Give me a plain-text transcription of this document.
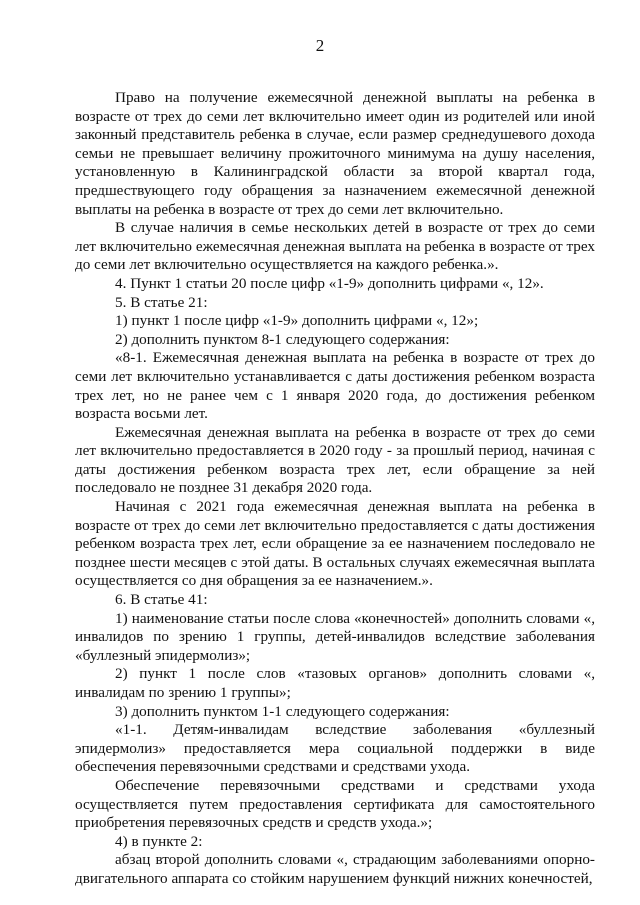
2

Право на получение ежемесячной денежной выплаты на ребенка в возрасте от трех до семи лет включительно имеет один из родителей или иной законный представитель ребенка в случае, если размер среднедушевого дохода семьи не превышает величину прожиточного минимума на душу населения, установленную в Калининградской области за второй квартал года, предшествующего году обращения за назначением ежемесячной денежной выплаты на ребенка в возрасте от трех до семи лет включительно.

В случае наличия в семье нескольких детей в возрасте от трех до семи лет включительно ежемесячная денежная выплата на ребенка в возрасте от трех до семи лет включительно осуществляется на каждого ребенка.».

4. Пункт 1 статьи 20 после цифр «1-9» дополнить цифрами «, 12».

5. В статье 21:

1) пункт 1 после цифр «1-9» дополнить цифрами «, 12»;

2) дополнить пунктом 8-1 следующего содержания:

«8-1. Ежемесячная денежная выплата на ребенка в возрасте от трех до семи лет включительно устанавливается с даты достижения ребенком возраста трех лет, но не ранее чем с 1 января 2020 года, до достижения ребенком возраста восьми лет.

Ежемесячная денежная выплата на ребенка в возрасте от трех до семи лет включительно предоставляется в 2020 году - за прошлый период, начиная с даты достижения ребенком возраста трех лет, если обращение за ней последовало не позднее 31 декабря 2020 года.

Начиная с 2021 года ежемесячная денежная выплата на ребенка в возрасте от трех до семи лет включительно предоставляется с даты достижения ребенком возраста трех лет, если обращение за ее назначением последовало не позднее шести месяцев с этой даты. В остальных случаях ежемесячная выплата осуществляется со дня обращения за ее назначением.».

6. В статье 41:

1) наименование статьи после слова «конечностей» дополнить словами «, инвалидов по зрению 1 группы, детей-инвалидов вследствие заболевания «буллезный эпидермолиз»;

2) пункт 1 после слов «тазовых органов» дополнить словами «, инвалидам по зрению 1 группы»;

3) дополнить пунктом 1-1 следующего содержания:

«1-1. Детям-инвалидам вследствие заболевания «буллезный эпидермолиз» предоставляется мера социальной поддержки в виде обеспечения перевязочными средствами и средствами ухода.

Обеспечение перевязочными средствами и средствами ухода осуществляется путем предоставления сертификата для самостоятельного приобретения перевязочных средств и средств ухода.»;

4) в пункте 2:

абзац второй дополнить словами «, страдающим заболеваниями опорно-двигательного аппарата со стойким нарушением функций нижних конечностей,
